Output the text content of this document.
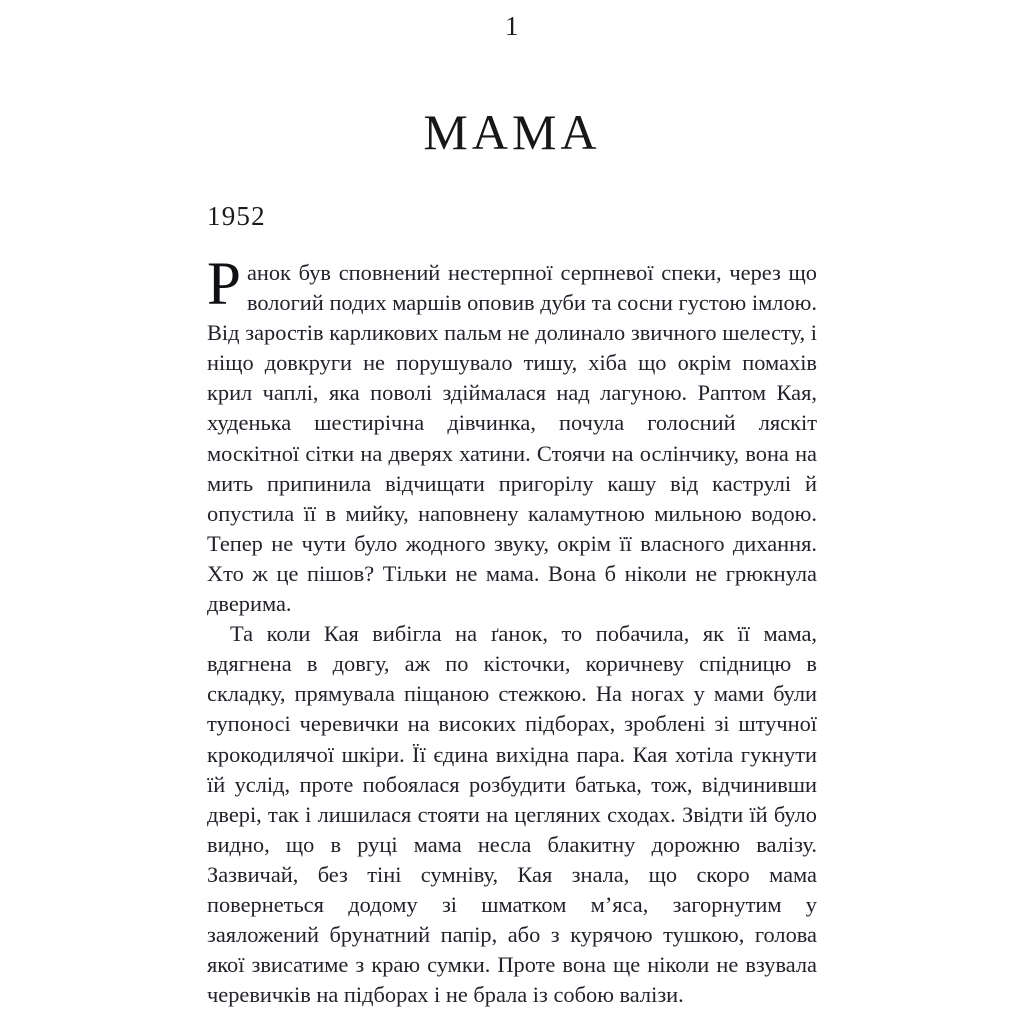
1
МАМА
1952

Ранок був сповнений нестерпної серпневої спеки, через що вологий подих маршів оповив дуби та сосни густою імлою. Від заростів карликових пальм не долинало звичного шелесту, і ніщо довкруги не порушувало тишу, хіба що окрім помахів крил чаплі, яка поволі здіймалася над лагуною. Раптом Кая, худенька шестирічна дівчинка, почула голосний ляскіт москітної сітки на дверях хатини. Стоячи на ослінчику, вона на мить припинила відчищати пригорілу кашу від каструлі й опустила її в мийку, наповнену каламутною мильною водою. Тепер не чути було жодного звуку, окрім її власного дихання. Хто ж це пішов? Тільки не мама. Вона б ніколи не грюкнула дверима.

Та коли Кая вибігла на ґанок, то побачила, як її мама, вдягнена в довгу, аж по кісточки, коричневу спідницю в складку, прямувала піщаною стежкою. На ногах у мами були тупоносі черевички на високих підборах, зроблені зі штучної крокодилячої шкіри. Її єдина вихідна пара. Кая хотіла гукнути їй услід, проте побоялася розбудити батька, тож, відчинивши двері, так і лишилася стояти на цегляних сходах. Звідти їй було видно, що в руці мама несла блакитну дорожню валізу. Зазвичай, без тіні сумніву, Кая знала, що скоро мама повернеться додому зі шматком м’яса, загорнутим у заяложений брунатний папір, або з курячою тушкою, голова якої звисатиме з краю сумки. Проте вона ще ніколи не взувала черевичків на підборах і не брала із собою валізи.
